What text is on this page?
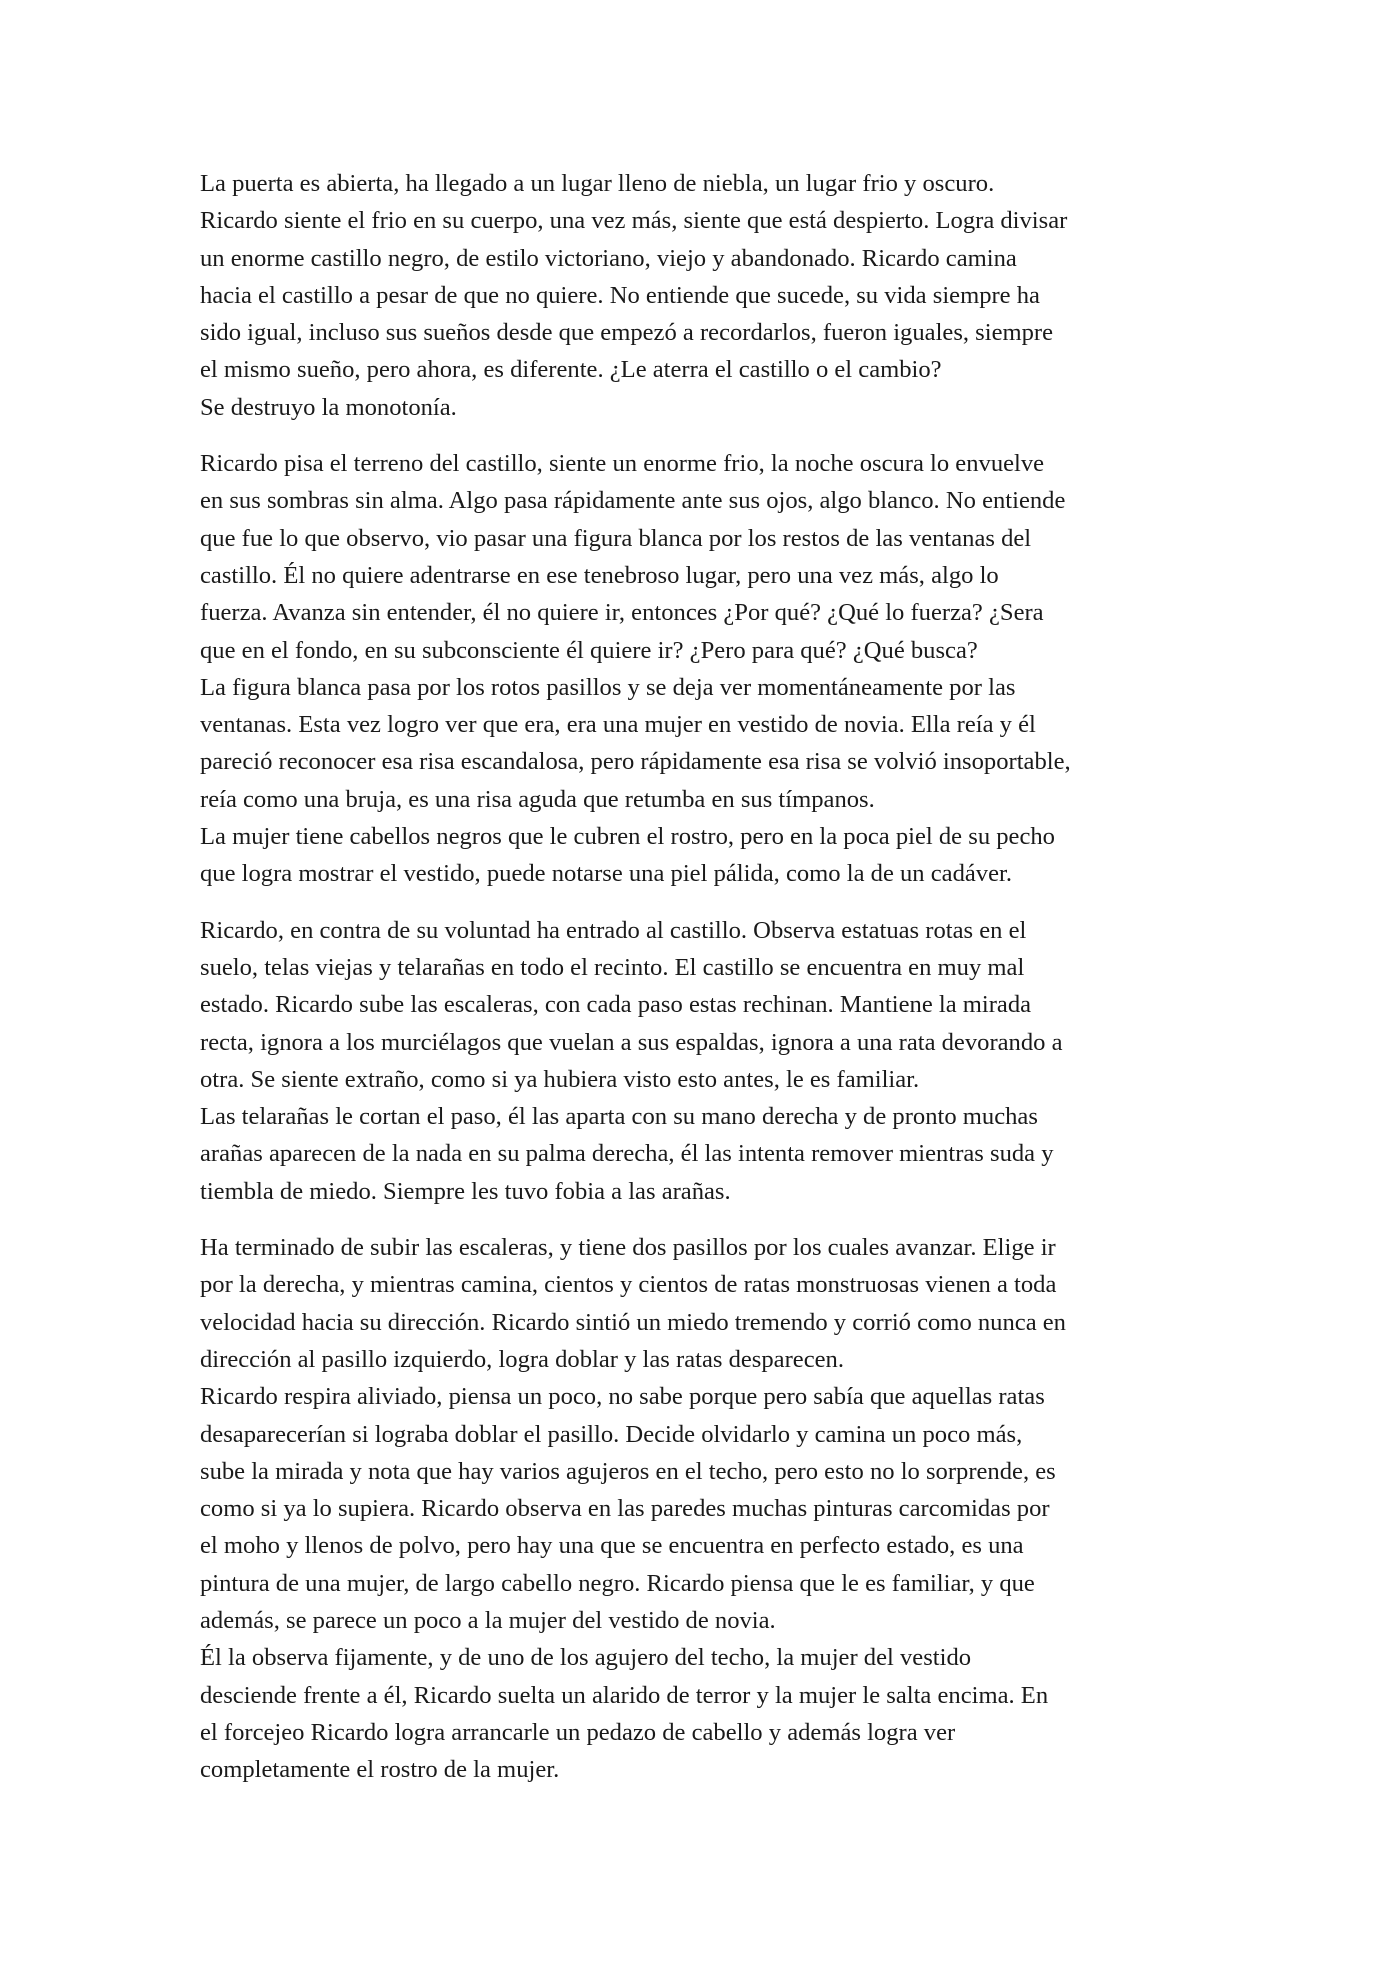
La puerta es abierta, ha llegado a un lugar lleno de niebla, un lugar frio y oscuro.
Ricardo siente el frio en su cuerpo, una vez más, siente que está despierto. Logra divisar
un enorme castillo negro, de estilo victoriano, viejo y abandonado. Ricardo camina
hacia el castillo a pesar de que no quiere. No entiende que sucede, su vida siempre ha
sido igual, incluso sus sueños desde que empezó a recordarlos, fueron iguales, siempre
el mismo sueño, pero ahora, es diferente. ¿Le aterra el castillo o el cambio?
Se destruyo la monotonía.
Ricardo pisa el terreno del castillo, siente un enorme frio, la noche oscura lo envuelve
en sus sombras sin alma. Algo pasa rápidamente ante sus ojos, algo blanco. No entiende
que fue lo que observo, vio pasar una figura blanca por los restos de las ventanas del
castillo. Él no quiere adentrarse en ese tenebroso lugar, pero una vez más, algo lo
fuerza. Avanza sin entender, él no quiere ir, entonces ¿Por qué? ¿Qué lo fuerza? ¿Sera
que en el fondo, en su subconsciente él quiere ir? ¿Pero para qué? ¿Qué busca?
La figura blanca pasa por los rotos pasillos y se deja ver momentáneamente por las
ventanas. Esta vez logro ver que era, era una mujer en vestido de novia. Ella reía y él
pareció reconocer esa risa escandalosa, pero rápidamente esa risa se volvió insoportable,
reía como una bruja, es una risa aguda que retumba en sus tímpanos.
La mujer tiene cabellos negros que le cubren el rostro, pero en la poca piel de su pecho
que logra mostrar el vestido, puede notarse una piel pálida, como la de un cadáver.
Ricardo, en contra de su voluntad ha entrado al castillo. Observa estatuas rotas en el
suelo, telas viejas y telarañas en todo el recinto. El castillo se encuentra en muy mal
estado. Ricardo sube las escaleras, con cada paso estas rechinan. Mantiene la mirada
recta, ignora a los murciélagos que vuelan a sus espaldas, ignora a una rata devorando a
otra. Se siente extraño, como si ya hubiera visto esto antes, le es familiar.
Las telarañas le cortan el paso, él las aparta con su mano derecha y de pronto muchas
arañas aparecen de la nada en su palma derecha, él las intenta remover mientras suda y
tiembla de miedo. Siempre les tuvo fobia a las arañas.
Ha terminado de subir las escaleras, y tiene dos pasillos por los cuales avanzar. Elige ir
por la derecha, y mientras camina, cientos y cientos de ratas monstruosas vienen a toda
velocidad hacia su dirección. Ricardo sintió un miedo tremendo y corrió como nunca en
dirección al pasillo izquierdo, logra doblar y las ratas desparecen.
Ricardo respira aliviado, piensa un poco, no sabe porque pero sabía que aquellas ratas
desaparecerían si lograba doblar el pasillo. Decide olvidarlo y camina un poco más,
sube la mirada y nota que hay varios agujeros en el techo, pero esto no lo sorprende, es
como si ya lo supiera. Ricardo observa en las paredes muchas pinturas carcomidas por
el moho y llenos de polvo, pero hay una que se encuentra en perfecto estado, es una
pintura de una mujer, de largo cabello negro. Ricardo piensa que le es familiar, y que
además, se parece un poco a la mujer del vestido de novia.
Él la observa fijamente, y de uno de los agujero del techo, la mujer del vestido
desciende frente a él, Ricardo suelta un alarido de terror y la mujer le salta encima. En
el forcejeo Ricardo logra arrancarle un pedazo de cabello y además logra ver
completamente el rostro de la mujer.
